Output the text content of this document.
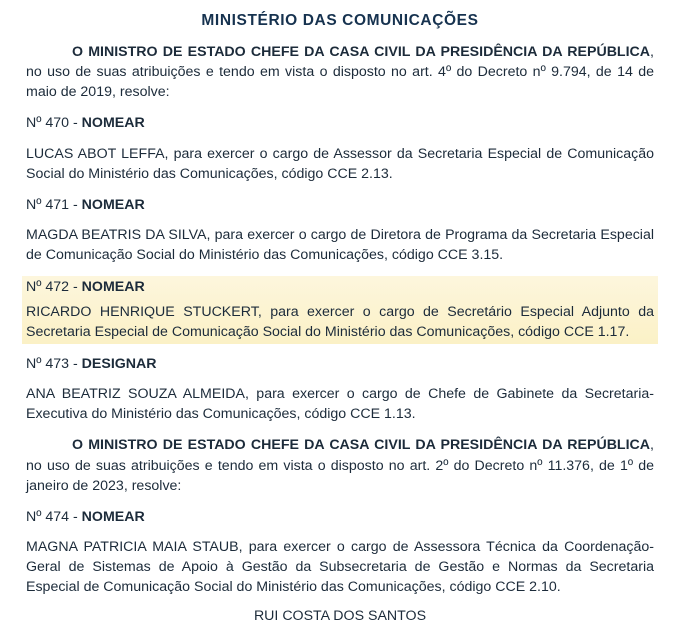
MINISTÉRIO DAS COMUNICAÇÕES

O MINISTRO DE ESTADO CHEFE DA CASA CIVIL DA PRESIDÊNCIA DA REPÚBLICA, no uso de suas atribuições e tendo em vista o disposto no art. 4º do Decreto nº 9.794, de 14 de maio de 2019, resolve:

Nº 470 - NOMEAR

LUCAS ABOT LEFFA, para exercer o cargo de Assessor da Secretaria Especial de Comunicação Social do Ministério das Comunicações, código CCE 2.13.

Nº 471 - NOMEAR

MAGDA BEATRIS DA SILVA, para exercer o cargo de Diretora de Programa da Secretaria Especial de Comunicação Social do Ministério das Comunicações, código CCE 3.15.

Nº 472 - NOMEAR

RICARDO HENRIQUE STUCKERT, para exercer o cargo de Secretário Especial Adjunto da Secretaria Especial de Comunicação Social do Ministério das Comunicações, código CCE 1.17.

Nº 473 - DESIGNAR

ANA BEATRIZ SOUZA ALMEIDA, para exercer o cargo de Chefe de Gabinete da Secretaria-Executiva do Ministério das Comunicações, código CCE 1.13.

O MINISTRO DE ESTADO CHEFE DA CASA CIVIL DA PRESIDÊNCIA DA REPÚBLICA, no uso de suas atribuições e tendo em vista o disposto no art. 2º do Decreto nº 11.376, de 1º de janeiro de 2023, resolve:

Nº 474 - NOMEAR

MAGNA PATRICIA MAIA STAUB, para exercer o cargo de Assessora Técnica da Coordenação-Geral de Sistemas de Apoio à Gestão da Subsecretaria de Gestão e Normas da Secretaria Especial de Comunicação Social do Ministério das Comunicações, código CCE 2.10.

RUI COSTA DOS SANTOS
